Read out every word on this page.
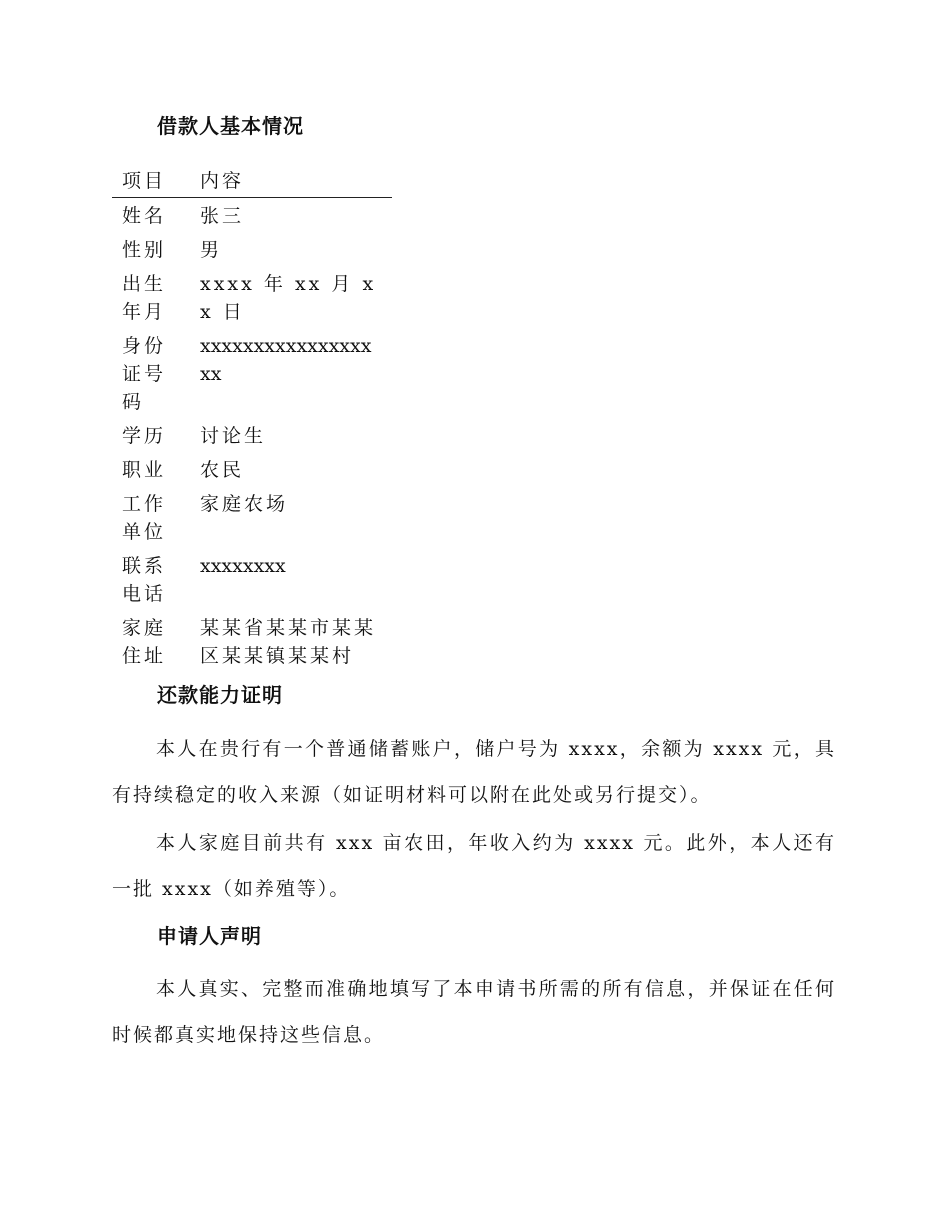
借款人基本情况
项目	内容

姓名	张三

性别	男

出生年月	xxxx 年 xx 月 xx 日

身份证号码	xxxxxxxxxxxxxxxxxx

学历	讨论生

职业	农民

工作单位	家庭农场

联系电话	xxxxxxxx

家庭住址	某某省某某市某某区某某镇某某村
还款能力证明

本人在贵行有一个普通储蓄账户，储户号为 xxxx，余额为 xxxx 元，具有持续稳定的收入来源（如证明材料可以附在此处或另行提交）。

本人家庭目前共有 xxx 亩农田，年收入约为 xxxx 元。此外，本人还有一批 xxxx（如养殖等）。

申请人声明

本人真实、完整而准确地填写了本申请书所需的所有信息，并保证在任何时候都真实地保持这些信息。
